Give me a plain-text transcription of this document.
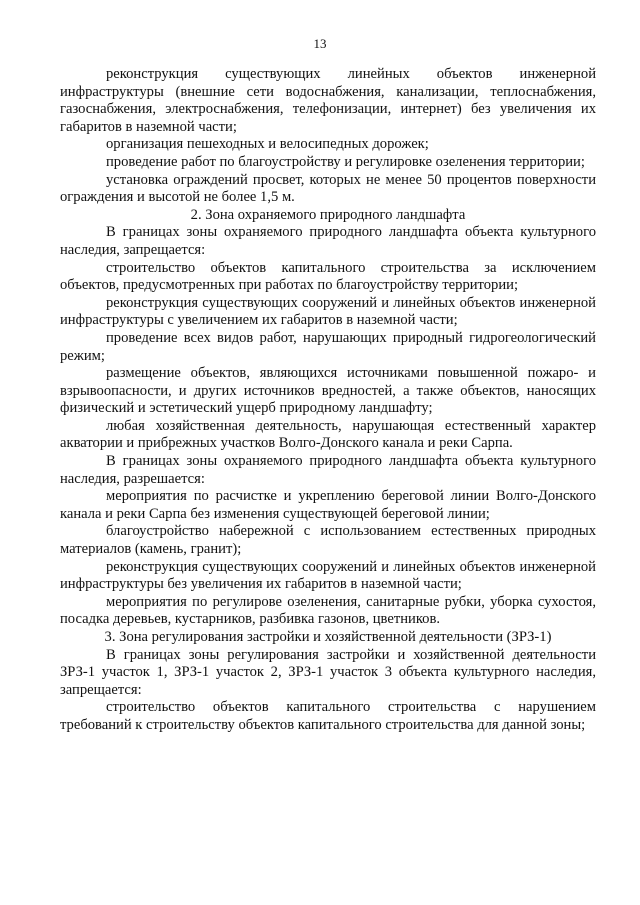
13

реконструкция существующих линейных объектов инженерной инфраструктуры (внешние сети водоснабжения, канализации, теплоснабжения, газоснабжения, электроснабжения, телефонизации, интернет) без увеличения их габаритов в наземной части;

организация пешеходных и велосипедных дорожек;

проведение работ по благоустройству и регулировке озеленения территории;

установка ограждений просвет, которых не менее 50 процентов поверхности ограждения и высотой не более 1,5 м.

2. Зона охраняемого природного ландшафта

В границах зоны охраняемого природного ландшафта объекта культурного наследия, запрещается:

строительство объектов капитального строительства за исключением объектов, предусмотренных при работах по благоустройству территории;

реконструкция существующих сооружений и линейных объектов инженерной инфраструктуры с увеличением их габаритов в наземной части;

проведение всех видов работ, нарушающих природный гидрогеологический режим;

размещение объектов, являющихся источниками повышенной пожаро- и взрывоопасности, и других источников вредностей, а также объектов, наносящих физический и эстетический ущерб природному ландшафту;

любая хозяйственная деятельность, нарушающая естественный характер акватории и прибрежных участков Волго-Донского канала и реки Сарпа.

В границах зоны охраняемого природного ландшафта объекта культурного наследия, разрешается:

мероприятия по расчистке и укреплению береговой линии Волго-Донского канала и реки Сарпа без изменения существующей береговой линии;

благоустройство набережной с использованием естественных природных материалов (камень, гранит);

реконструкция существующих сооружений и линейных объектов инженерной инфраструктуры без увеличения их габаритов в наземной части;

мероприятия по регулирове озеленения, санитарные рубки, уборка сухостоя, посадка деревьев, кустарников, разбивка газонов, цветников.

3. Зона регулирования застройки и хозяйственной деятельности (ЗРЗ-1)

В границах зоны регулирования застройки и хозяйственной деятельности ЗРЗ-1 участок 1, ЗРЗ-1 участок 2, ЗРЗ-1 участок 3 объекта культурного наследия, запрещается:

строительство объектов капитального строительства с нарушением требований к строительству объектов капитального строительства для данной зоны;
